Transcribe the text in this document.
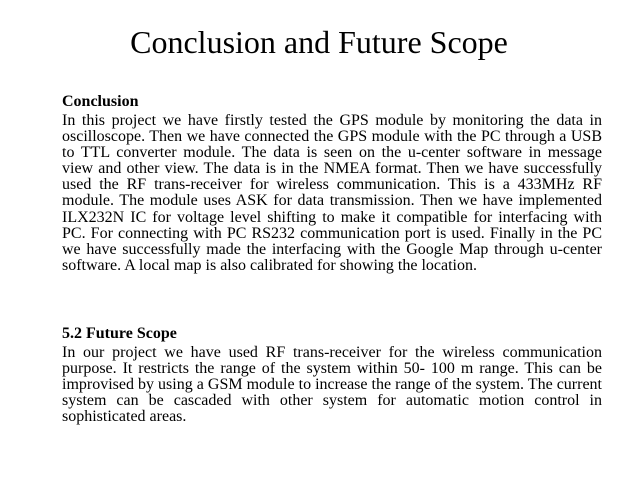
Conclusion and Future Scope

Conclusion

In this project we have firstly tested the GPS module by monitoring the data in oscilloscope. Then we have connected the GPS module with the PC through a USB to TTL converter module. The data is seen on the u-center software in message view and other view. The data is in the NMEA format. Then we have successfully used the RF trans-receiver for wireless communication. This is a 433MHz RF module. The module uses ASK for data transmission. Then we have implemented ILX232N IC for voltage level shifting to make it compatible for interfacing with PC. For connecting with PC RS232 communication port is used. Finally in the PC we have successfully made the interfacing with the Google Map through u-center software. A local map is also calibrated for showing the location.

5.2 Future Scope

In our project we have used RF trans-receiver for the wireless communication purpose. It restricts the range of the system within 50- 100 m range. This can be improvised by using a GSM module to increase the range of the system. The current system can be cascaded with other system for automatic motion control in sophisticated areas.
